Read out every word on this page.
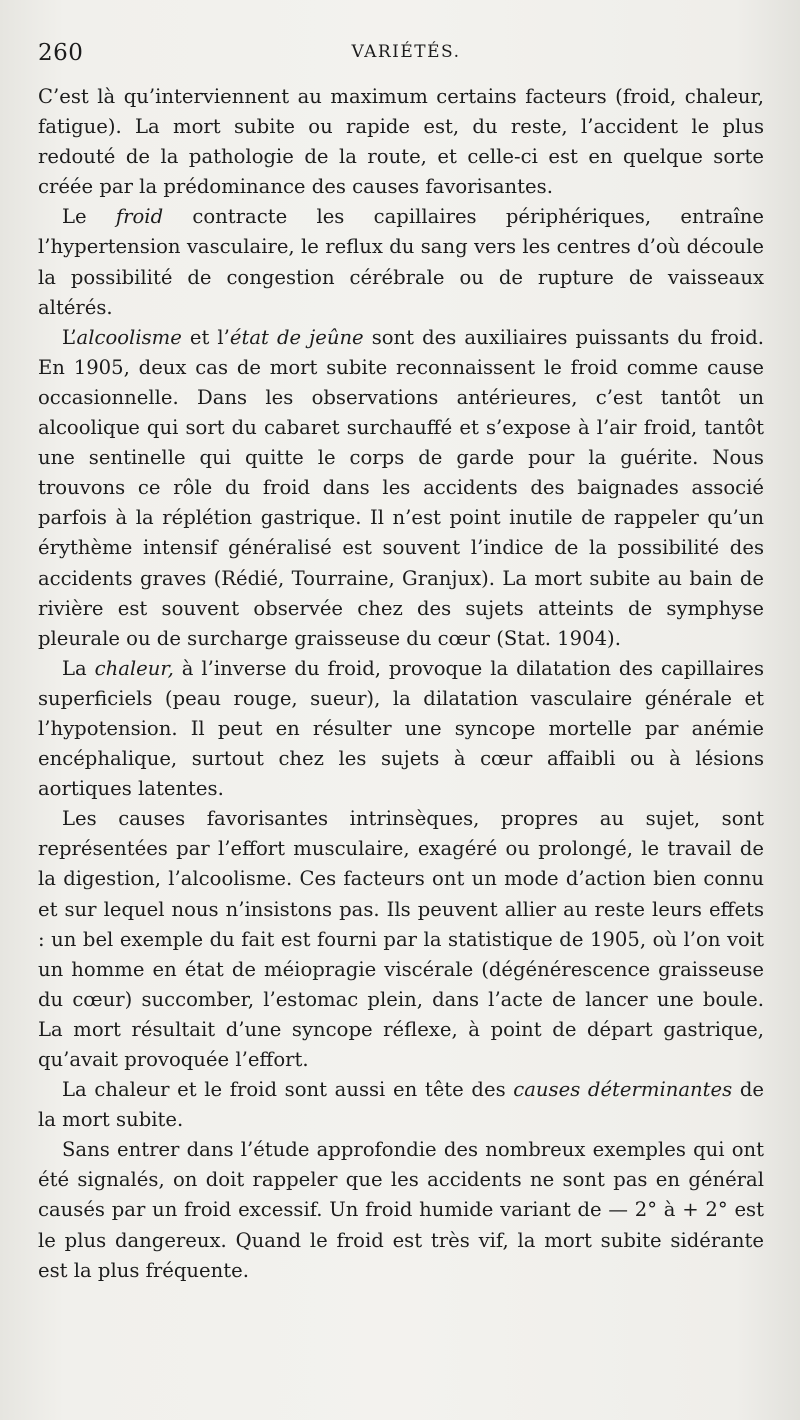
260	VARIÉTÉS.

C’est là qu’interviennent au maximum certains facteurs (froid, chaleur, fatigue). La mort subite ou rapide est, du reste, l’accident le plus redouté de la pathologie de la route, et celle-ci est en quelque sorte créée par la prédominance des causes favorisantes.

Le froid contracte les capillaires périphériques, entraîne l’hypertension vasculaire, le reflux du sang vers les centres d’où découle la possibilité de congestion cérébrale ou de rupture de vaisseaux altérés.

L’alcoolisme et l’état de jeûne sont des auxiliaires puissants du froid. En 1905, deux cas de mort subite reconnaissent le froid comme cause occasionnelle. Dans les observations antérieures, c’est tantôt un alcoolique qui sort du cabaret surchauffé et s’expose à l’air froid, tantôt une sentinelle qui quitte le corps de garde pour la guérite. Nous trouvons ce rôle du froid dans les accidents des baignades associé parfois à la réplétion gastrique. Il n’est point inutile de rappeler qu’un érythème intensif généralisé est souvent l’indice de la possibilité des accidents graves (Rédié, Tourraine, Granjux). La mort subite au bain de rivière est souvent observée chez des sujets atteints de symphyse pleurale ou de surcharge graisseuse du cœur (Stat. 1904).

La chaleur, à l’inverse du froid, provoque la dilatation des capillaires superficiels (peau rouge, sueur), la dilatation vasculaire générale et l’hypotension. Il peut en résulter une syncope mortelle par anémie encéphalique, surtout chez les sujets à cœur affaibli ou à lésions aortiques latentes.

Les causes favorisantes intrinsèques, propres au sujet, sont représentées par l’effort musculaire, exagéré ou prolongé, le travail de la digestion, l’alcoolisme. Ces facteurs ont un mode d’action bien connu et sur lequel nous n’insistons pas. Ils peuvent allier au reste leurs effets : un bel exemple du fait est fourni par la statistique de 1905, où l’on voit un homme en état de méiopragie viscérale (dégénérescence graisseuse du cœur) succomber, l’estomac plein, dans l’acte de lancer une boule. La mort résultait d’une syncope réflexe, à point de départ gastrique, qu’avait provoquée l’effort.

La chaleur et le froid sont aussi en tête des causes déterminantes de la mort subite.

Sans entrer dans l’étude approfondie des nombreux exemples qui ont été signalés, on doit rappeler que les accidents ne sont pas en général causés par un froid excessif. Un froid humide variant de — 2° à + 2° est le plus dangereux. Quand le froid est très vif, la mort subite sidérante est la plus fréquente.
